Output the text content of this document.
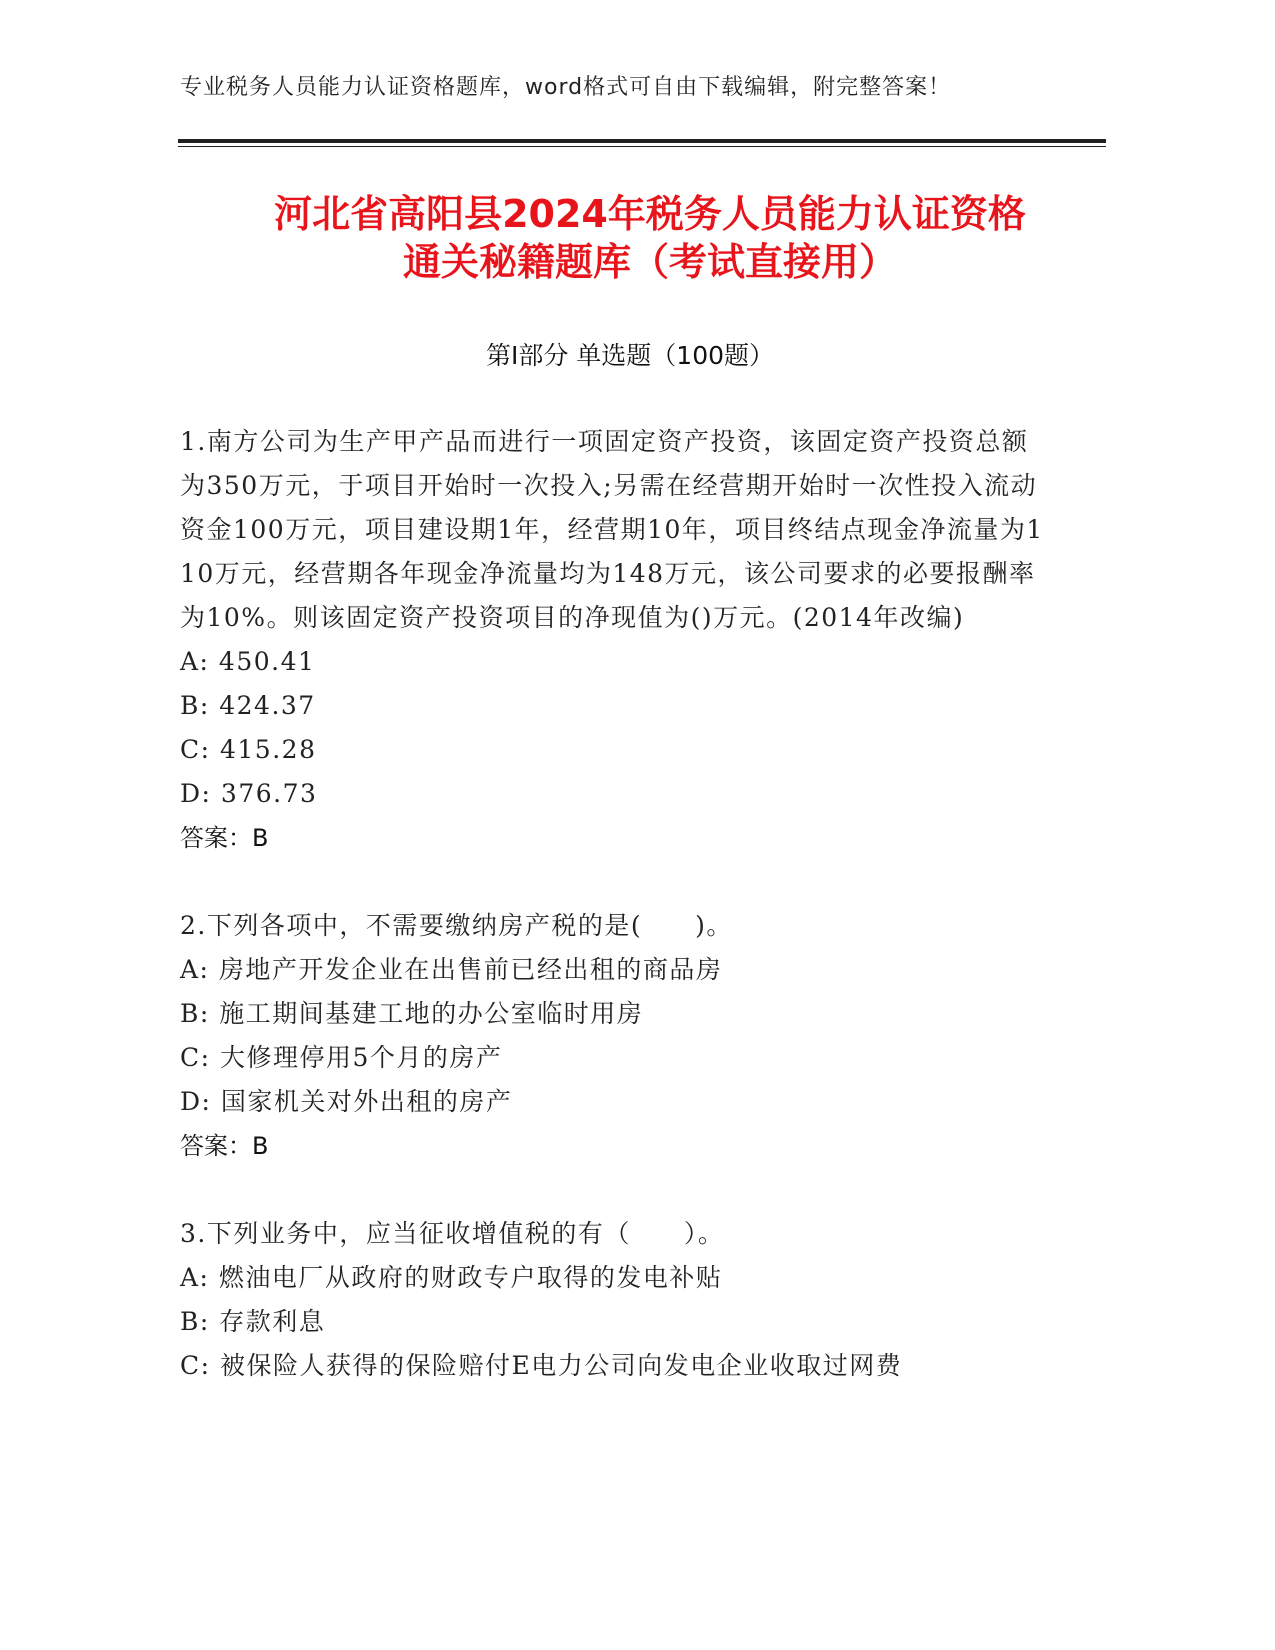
专业税务人员能力认证资格题库，word格式可自由下载编辑，附完整答案！
河北省高阳县2024年税务人员能力认证资格
通关秘籍题库（考试直接用）
第Ⅰ部分 单选题（100题）
1.南方公司为生产甲产品而进行一项固定资产投资，该固定资产投资总额为350万元，于项目开始时一次投入;另需在经营期开始时一次性投入流动资金100万元，项目建设期1年，经营期10年，项目终结点现金净流量为110万元，经营期各年现金净流量均为148万元，该公司要求的必要报酬率为10%。则该固定资产投资项目的净现值为()万元。(2014年改编)
A: 450.41
B: 424.37
C: 415.28
D: 376.73
答案：B
2.下列各项中，不需要缴纳房产税的是(　　)。
A: 房地产开发企业在出售前已经出租的商品房
B: 施工期间基建工地的办公室临时用房
C: 大修理停用5个月的房产
D: 国家机关对外出租的房产
答案：B
3.下列业务中，应当征收增值税的有（　　）。
A: 燃油电厂从政府的财政专户取得的发电补贴
B: 存款利息
C: 被保险人获得的保险赔付E电力公司向发电企业收取过网费
